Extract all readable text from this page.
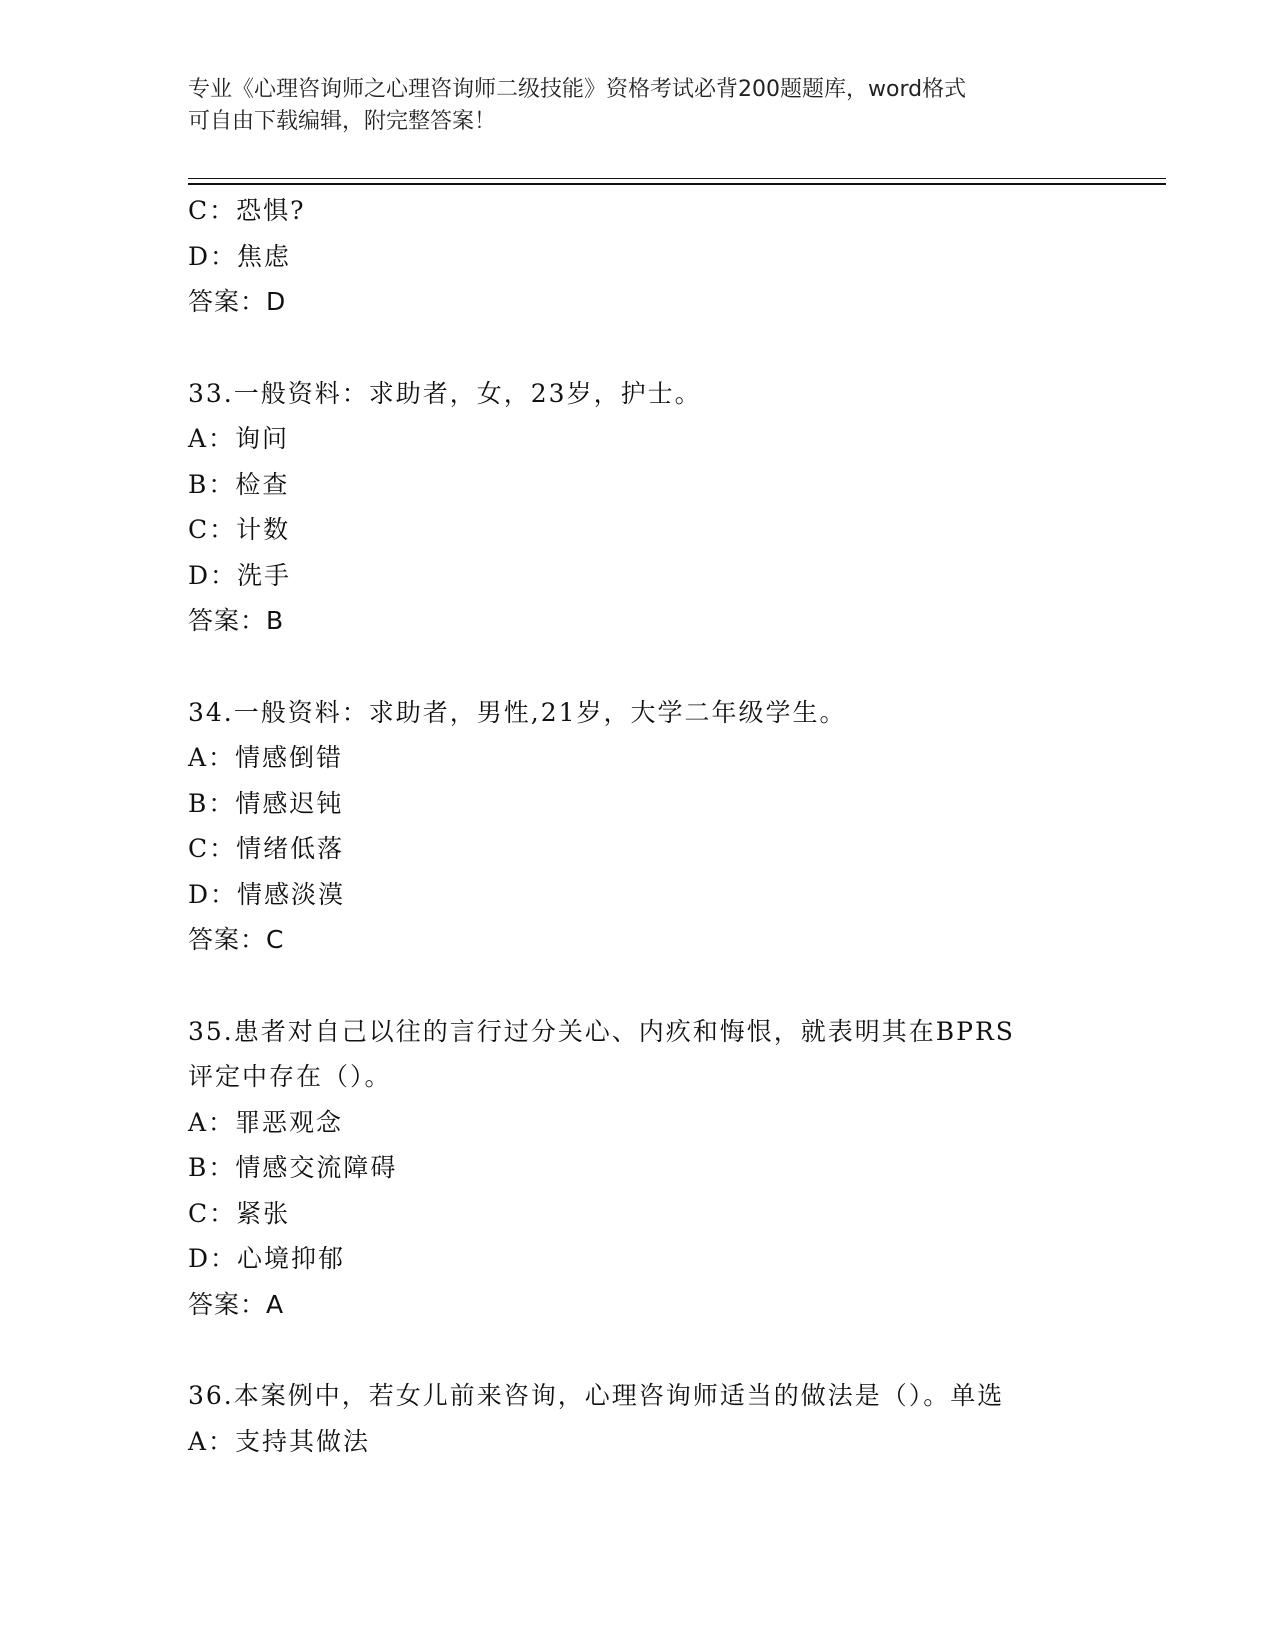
专业《心理咨询师之心理咨询师二级技能》资格考试必背200题题库，word格式
可自由下载编辑，附完整答案！
C：恐惧?
D：焦虑
答案：D
33.一般资料：求助者，女，23岁，护士。
A：询问
B：检查
C：计数
D：洗手
答案：B
34.一般资料：求助者，男性,21岁，大学二年级学生。
A：情感倒错
B：情感迟钝
C：情绪低落
D：情感淡漠
答案：C
35.患者对自己以往的言行过分关心、内疚和悔恨，就表明其在BPRS
评定中存在（）。
A：罪恶观念
B：情感交流障碍
C：紧张
D：心境抑郁
答案：A
36.本案例中，若女儿前来咨询，心理咨询师适当的做法是（）。单选
A：支持其做法
